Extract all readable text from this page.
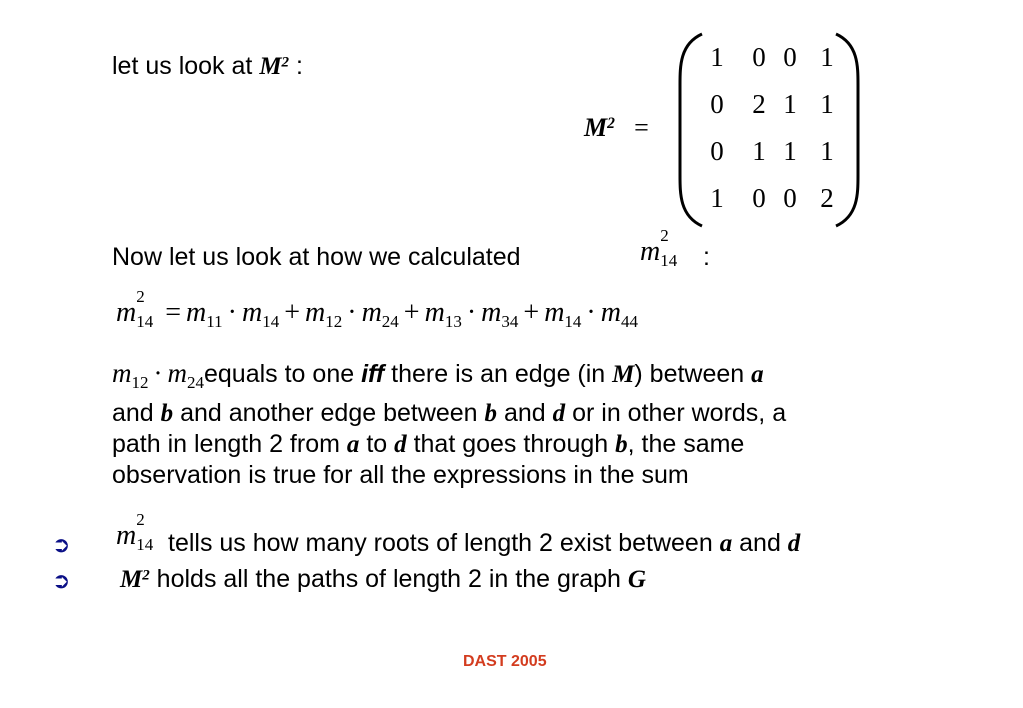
let us look at $M^2$ :
$M^2$ =
1	0 0 1
0	2 1 1
0	1 1 1
1	0 0 2
Now let us look at how we calculated	m
2
$_{14}$ :
m
2
$_{14} = m_{11} \cdot m_{14} + m_{12} \cdot m_{24} + m_{13} \cdot m_{34} + m_{14} \cdot m_{44}$
$m_{12}$ · $m_{24}equals$ to one iff there is an edge (in M) between a
and b and another edge between b and d or in other words, a
path in length 2 from a to d that goes through b, the same
observation is true for all the expressions in the sum
➲ m
2
$_{14}$ tells us how many roots of length 2 exist between a and d
➲ $M^2$ holds all the paths of length 2 in the graph G
DAST 2005
